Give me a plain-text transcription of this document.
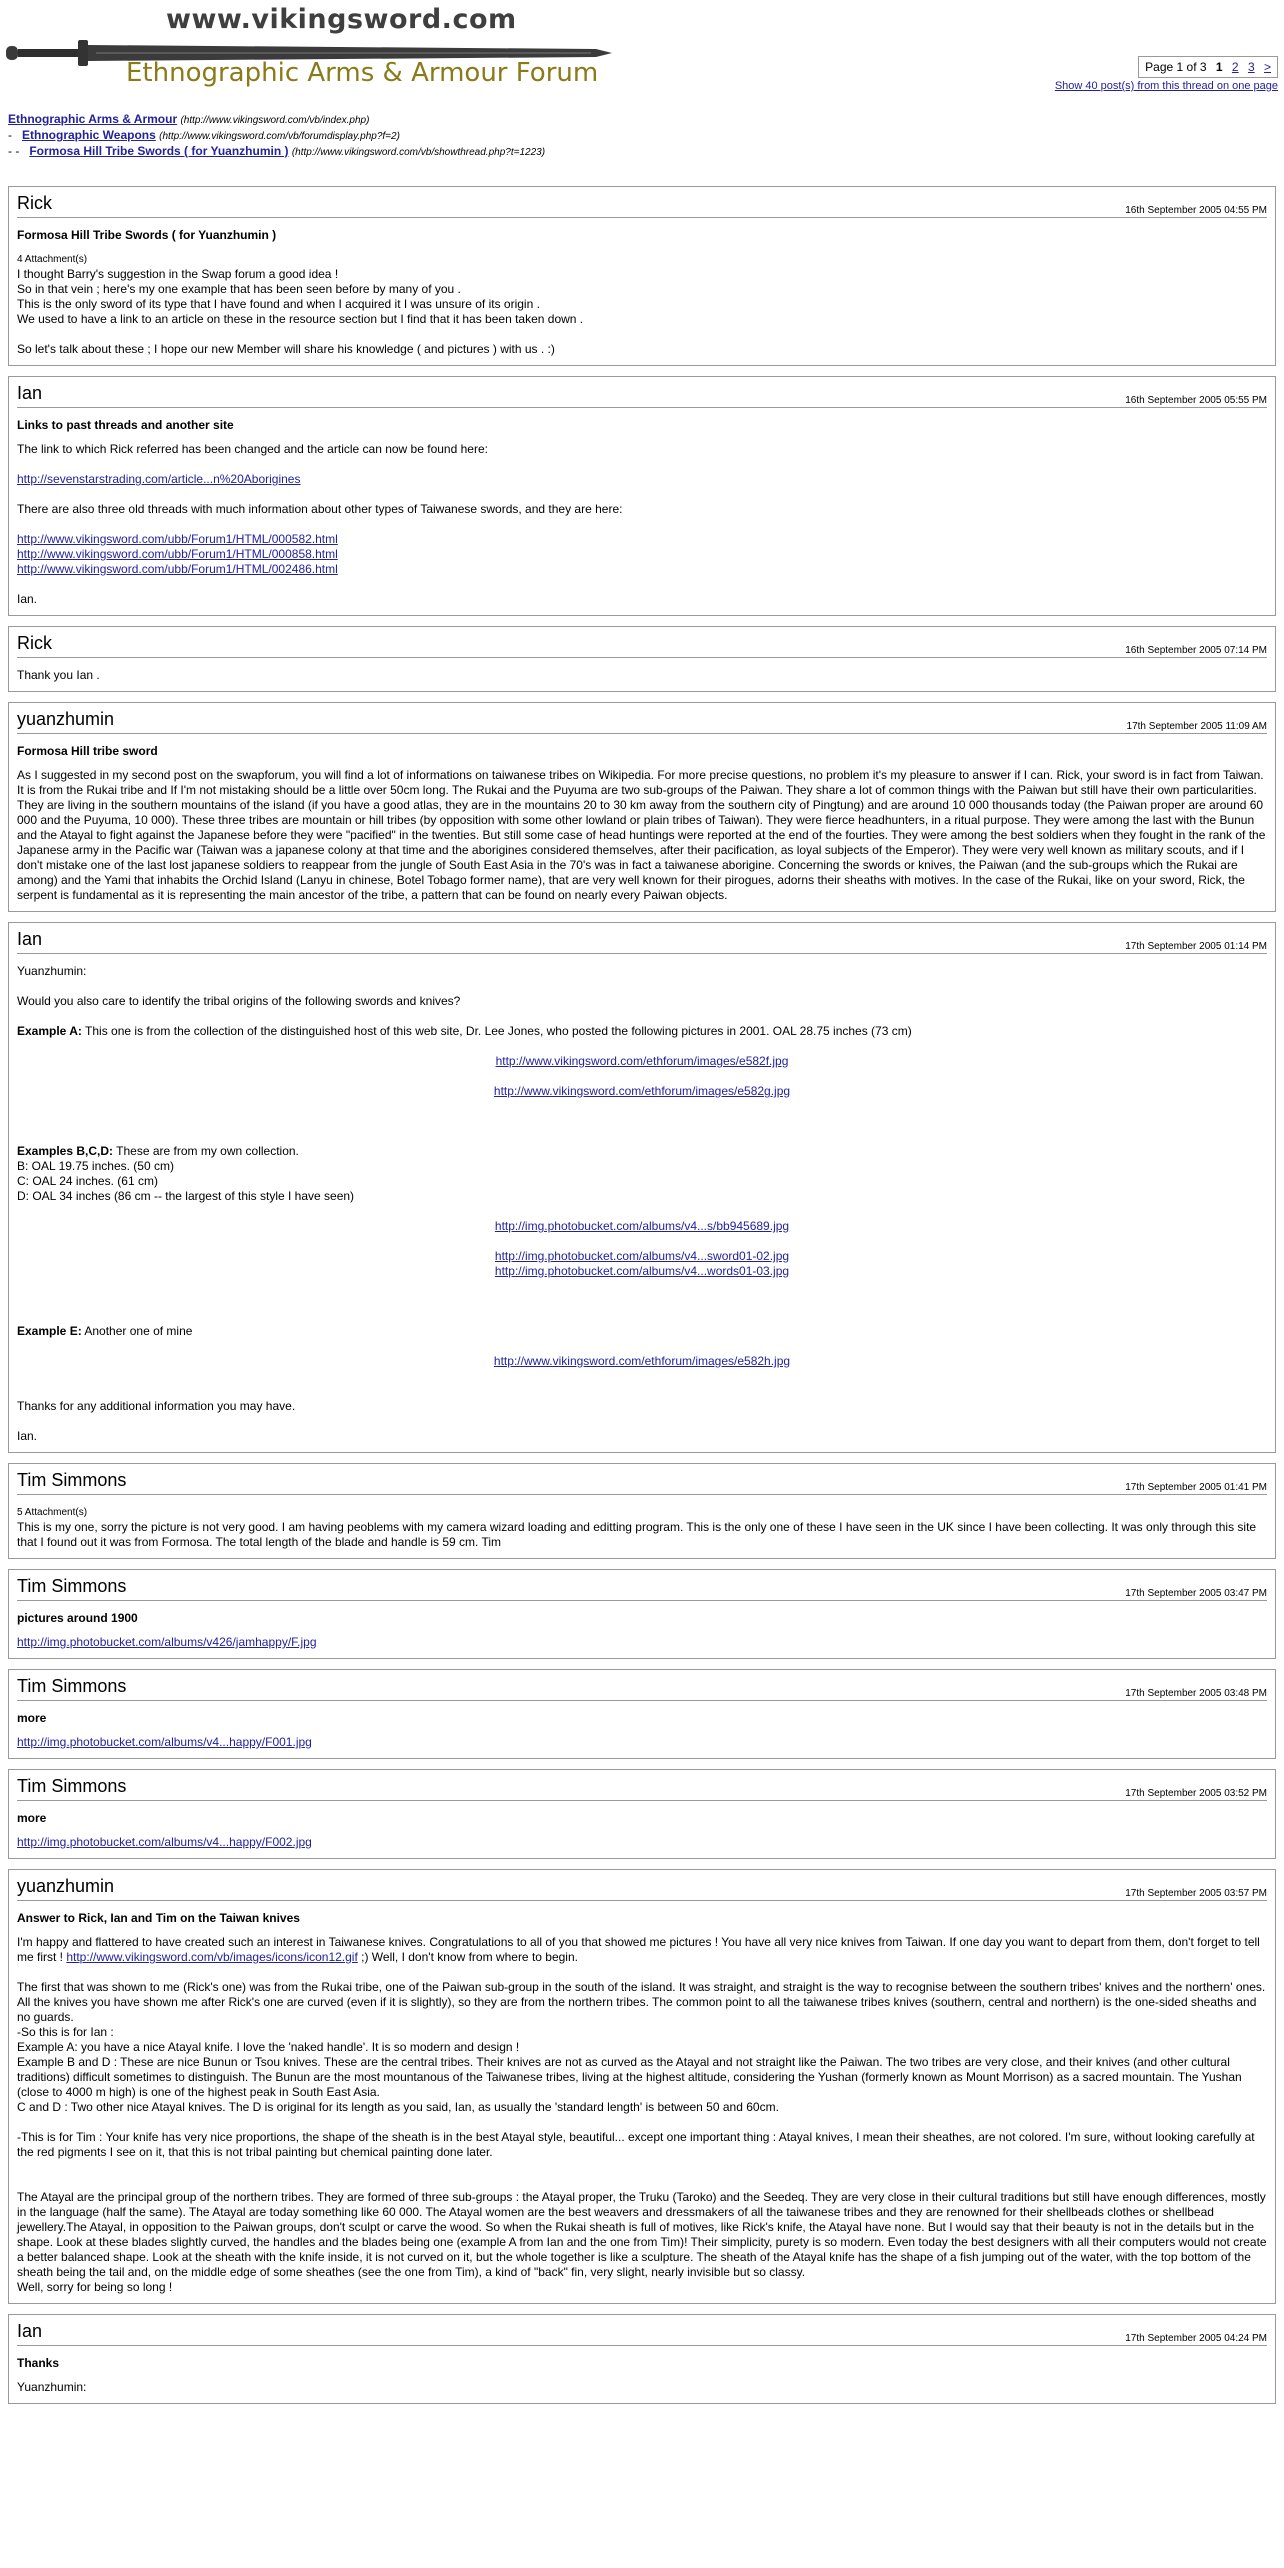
www.vikingsword.com
Ethnographic Arms & Armour Forum	Page 1 of 3 1 2 3 >
Show 40 post(s) from this thread on one page
Ethnographic Arms & Armour (http://www.vikingsword.com/vb/index.php)
- Ethnographic Weapons (http://www.vikingsword.com/vb/forumdisplay.php?f=2)
- - Formosa Hill Tribe Swords ( for Yuanzhumin ) (http://www.vikingsword.com/vb/showthread.php?t=1223)
Rick	16th September 2005 04:55 PM
Formosa Hill Tribe Swords ( for Yuanzhumin )
4 Attachment(s)
I thought Barry's suggestion in the Swap forum a good idea !
So in that vein ; here's my one example that has been seen before by many of you .
This is the only sword of its type that I have found and when I acquired it I was unsure of its origin .
We used to have a link to an article on these in the resource section but I find that it has been taken down .
So let's talk about these ; I hope our new Member will share his knowledge ( and pictures ) with us . :)
Ian	16th September 2005 05:55 PM
Links to past threads and another site

The link to which Rick referred has been changed and the article can now be found here:

http://sevenstarstrading.com/article...n%20Aborigines

There are also three old threads with much information about other types of Taiwanese swords, and they are here:

http://www.vikingsword.com/ubb/Forum1/HTML/000582.html
http://www.vikingsword.com/ubb/Forum1/HTML/000858.html
http://www.vikingsword.com/ubb/Forum1/HTML/002486.html
Ian.
Rick	16th September 2005 07:14 PM
Thank you Ian .
yuanzhumin	17th September 2005 11:09 AM
Formosa Hill tribe sword
As I suggested in my second post on the swapforum, you will find a lot of informations on taiwanese tribes on Wikipedia. For more precise questions, no problem it's my pleasure to answer if I can. Rick, your sword is in fact from Taiwan. It is from the Rukai tribe and If I'm not mistaking should be a little over 50cm long. The Rukai and the Puyuma are two sub-groups of the Paiwan. They share a lot of common things with the Paiwan but still have their own particularities. They are living in the southern mountains of the island (if you have a good atlas, they are in the mountains 20 to 30 km away from the southern city of Pingtung) and are around 10 000 thousands today (the Paiwan proper are around 60 000 and the Puyuma, 10 000). These three tribes are mountain or hill tribes (by opposition with some other lowland or plain tribes of Taiwan). They were fierce headhunters, in a ritual purpose. They were among the last with the Bunun and the Atayal to fight against the Japanese before they were "pacified" in the twenties. But still some case of head huntings were reported at the end of the fourties. They were among the best soldiers when they fought in the rank of the Japanese army in the Pacific war (Taiwan was a japanese colony at that time and the aborigines considered themselves, after their pacification, as loyal subjects of the Emperor). They were very well known as military scouts, and if I don't mistake one of the last lost japanese soldiers to reappear from the jungle of South East Asia in the 70's was in fact a taiwanese aborigine. Concerning the swords or knives, the Paiwan (and the sub-groups which the Rukai are among) and the Yami that inhabits the Orchid Island (Lanyu in chinese, Botel Tobago former name), that are very well known for their pirogues, adorns their sheaths with motives. In the case of the Rukai, like on your sword, Rick, the serpent is fundamental as it is representing the main ancestor of the tribe, a pattern that can be found on nearly every Paiwan objects.
Ian	17th September 2005 01:14 PM

Yuanzhumin:

Would you also care to identify the tribal origins of the following swords and knives?

Example A: This one is from the collection of the distinguished host of this web site, Dr. Lee Jones, who posted the following pictures in 2001. OAL 28.75 inches (73 cm)

http://www.vikingsword.com/ethforum/images/e582f.jpg

http://www.vikingsword.com/ethforum/images/e582g.jpg

Examples B,C,D: These are from my own collection.
B: OAL 19.75 inches. (50 cm)
C: OAL 24 inches. (61 cm)
D: OAL 34 inches (86 cm -- the largest of this style I have seen)

http://img.photobucket.com/albums/v4...s/bb945689.jpg

http://img.photobucket.com/albums/v4...sword01-02.jpg
http://img.photobucket.com/albums/v4...words01-03.jpg

Example E: Another one of mine

http://www.vikingsword.com/ethforum/images/e582h.jpg

Thanks for any additional information you may have.

Ian.
Tim Simmons	17th September 2005 01:41 PM
5 Attachment(s)
This is my one, sorry the picture is not very good. I am having peoblems with my camera wizard loading and editting program. This is the only one of these I have seen in the UK since I have been collecting. It was only through this site that I found out it was from Formosa. The total length of the blade and handle is 59 cm. Tim
Tim Simmons	17th September 2005 03:47 PM
pictures around 1900
http://img.photobucket.com/albums/v426/jamhappy/F.jpg
Tim Simmons	17th September 2005 03:48 PM
more
http://img.photobucket.com/albums/v4...happy/F001.jpg
Tim Simmons	17th September 2005 03:52 PM
more
http://img.photobucket.com/albums/v4...happy/F002.jpg
yuanzhumin	17th September 2005 03:57 PM
Answer to Rick, Ian and Tim on the Taiwan knives

I'm happy and flattered to have created such an interest in Taiwanese knives. Congratulations to all of you that showed me pictures ! You have all very nice knives from Taiwan. If one day you want to depart from them, don't forget to tell me first ! http://www.vikingsword.com/vb/images/icons/icon12.gif ;) Well, I don't know from where to begin.

The first that was shown to me (Rick's one) was from the Rukai tribe, one of the Paiwan sub-group in the south of the island. It was straight, and straight is the way to recognise between the southern tribes' knives and the northern' ones. All the knives you have shown me after Rick's one are curved (even if it is slightly), so they are from the northern tribes. The common point to all the taiwanese tribes knives (southern, central and northern) is the one-sided sheaths and no guards.
-So this is for Ian :
Example A: you have a nice Atayal knife. I love the 'naked handle'. It is so modern and design !
Example B and D : These are nice Bunun or Tsou knives. These are the central tribes. Their knives are not as curved as the Atayal and not straight like the Paiwan. The two tribes are very close, and their knives (and other cultural traditions) difficult sometimes to distinguish. The Bunun are the most mountanous of the Taiwanese tribes, living at the highest altitude, considering the Yushan (formerly known as Mount Morrison) as a sacred mountain. The Yushan (close to 4000 m high) is one of the highest peak in South East Asia.
C and D : Two other nice Atayal knives. The D is original for its length as you said, Ian, as usually the 'standard length' is between 50 and 60cm.
-This is for Tim : Your knife has very nice proportions, the shape of the sheath is in the best Atayal style, beautiful... except one important thing : Atayal knives, I mean their sheathes, are not colored. I'm sure, without looking carefully at the red pigments I see on it, that this is not tribal painting but chemical painting done later.
The Atayal are the principal group of the northern tribes. They are formed of three sub-groups : the Atayal proper, the Truku (Taroko) and the Seedeq. They are very close in their cultural traditions but still have enough differences, mostly in the language (half the same). The Atayal are today something like 60 000. The Atayal women are the best weavers and dressmakers of all the taiwanese tribes and they are renowned for their shellbeads clothes or shellbead jewellery.The Atayal, in opposition to the Paiwan groups, don't sculpt or carve the wood. So when the Rukai sheath is full of motives, like Rick's knife, the Atayal have none. But I would say that their beauty is not in the details but in the shape. Look at these blades slightly curved, the handles and the blades being one (example A from Ian and the one from Tim)! Their simplicity, purety is so modern. Even today the best designers with all their computers would not create a better balanced shape. Look at the sheath with the knife inside, it is not curved on it, but the whole together is like a sculpture. The sheath of the Atayal knife has the shape of a fish jumping out of the water, with the top bottom of the sheath being the tail and, on the middle edge of some sheathes (see the one from Tim), a kind of "back" fin, very slight, nearly invisible but so classy.
Well, sorry for being so long !
Ian	17th September 2005 04:24 PM
Thanks
Yuanzhumin:
